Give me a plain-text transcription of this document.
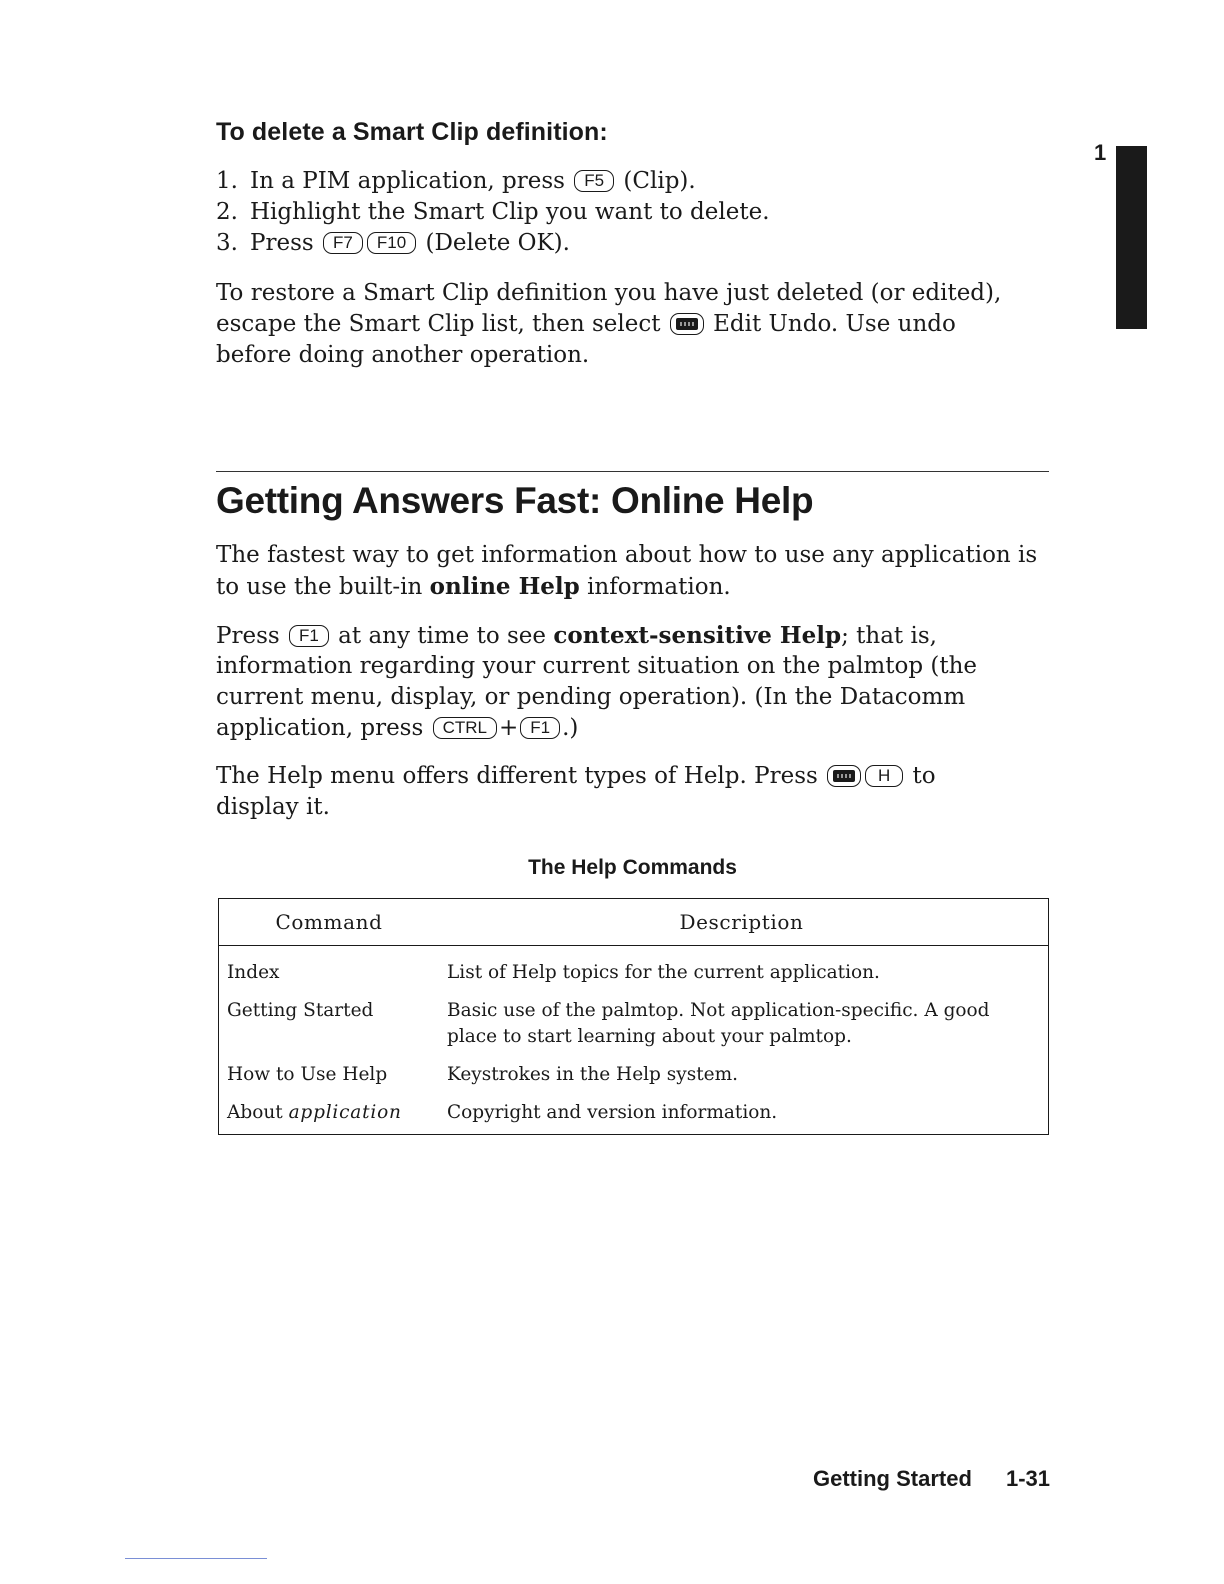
To delete a Smart Clip definition:
1
1. In a PIM application, press F5 (Clip).
2. Highlight the Smart Clip you want to delete.
3. Press F7 F10 (Delete OK).

To restore a Smart Clip definition you have just deleted (or edited),
escape the Smart Clip list, then select Edit Undo. Use undo
before doing another operation.

Getting Answers Fast: Online Help

The fastest way to get information about how to use any application is
to use the built-in online Help information.

Press F1 at any time to see context-sensitive Help; that is,
information regarding your current situation on the palmtop (the
current menu, display, or pending operation). (In the Datacomm
application, press CTRL + F1 .)

The Help menu offers different types of Help. Press	H to
display it.

The Help Commands
Command	Description
Index	List of Help topics for the current application.
Getting Started	Basic use of the palmtop. Not application-specific. A good place to start learning about your palmtop.
How to Use Help	Keystrokes in the Help system.
About application	Copyright and version information.
Getting Started 1-31
